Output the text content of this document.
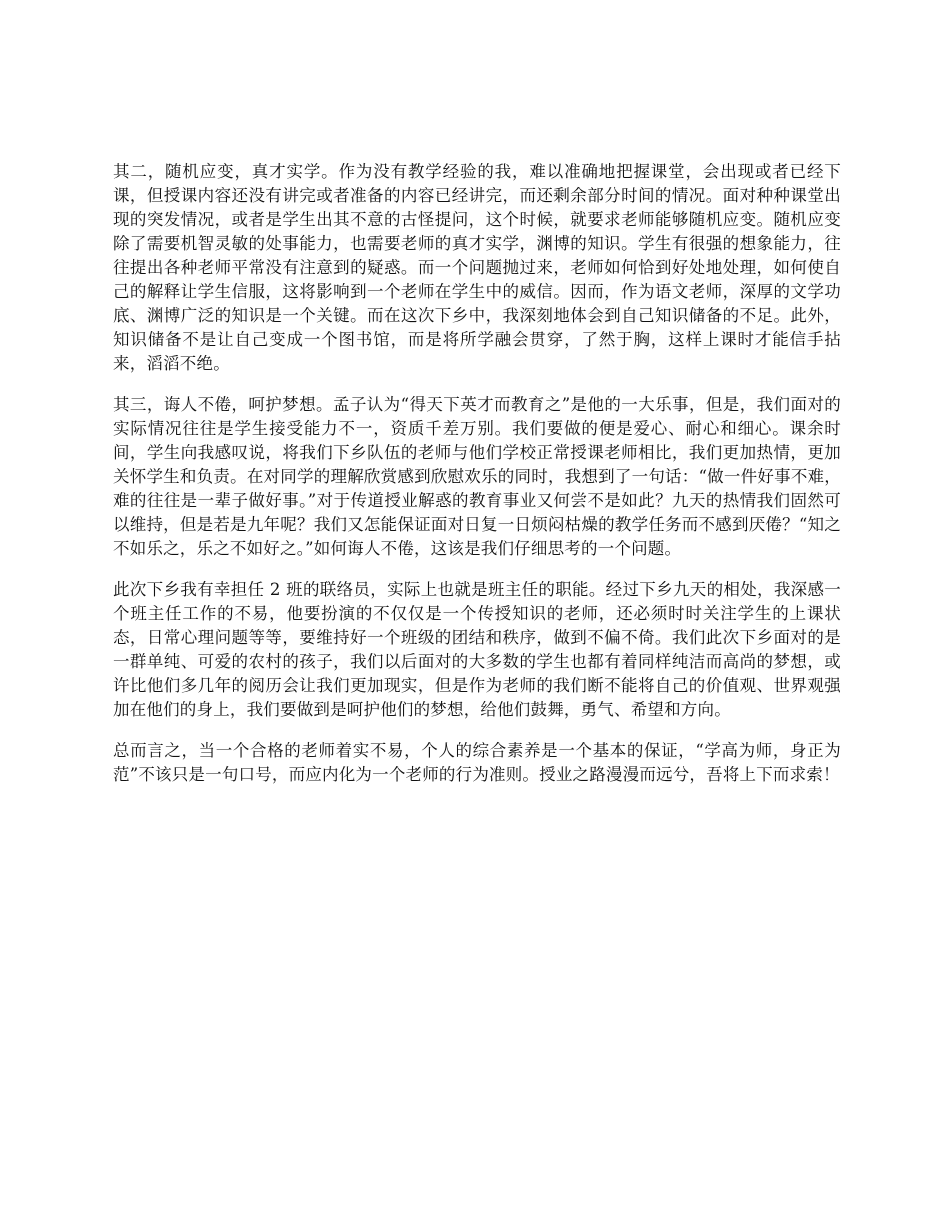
其二，随机应变，真才实学。作为没有教学经验的我，难以准确地把握课堂，会出现或者已经下课，但授课内容还没有讲完或者准备的内容已经讲完，而还剩余部分时间的情况。面对种种课堂出现的突发情况，或者是学生出其不意的古怪提问，这个时候，就要求老师能够随机应变。随机应变除了需要机智灵敏的处事能力，也需要老师的真才实学，渊博的知识。学生有很强的想象能力，往往提出各种老师平常没有注意到的疑惑。而一个问题抛过来，老师如何恰到好处地处理，如何使自己的解释让学生信服，这将影响到一个老师在学生中的威信。因而，作为语文老师，深厚的文学功底、渊博广泛的知识是一个关键。而在这次下乡中，我深刻地体会到自己知识储备的不足。此外，知识储备不是让自己变成一个图书馆，而是将所学融会贯穿，了然于胸，这样上课时才能信手拈来，滔滔不绝。

其三，诲人不倦，呵护梦想。孟子认为“得天下英才而教育之”是他的一大乐事，但是，我们面对的实际情况往往是学生接受能力不一，资质千差万别。我们要做的便是爱心、耐心和细心。课余时间，学生向我感叹说，将我们下乡队伍的老师与他们学校正常授课老师相比，我们更加热情，更加关怀学生和负责。在对同学的理解欣赏感到欣慰欢乐的同时，我想到了一句话：“做一件好事不难，难的往往是一辈子做好事。”对于传道授业解惑的教育事业又何尝不是如此？九天的热情我们固然可以维持，但是若是九年呢？我们又怎能保证面对日复一日烦闷枯燥的教学任务而不感到厌倦？“知之不如乐之，乐之不如好之。”如何诲人不倦，这该是我们仔细思考的一个问题。

此次下乡我有幸担任 2 班的联络员，实际上也就是班主任的职能。经过下乡九天的相处，我深感一个班主任工作的不易，他要扮演的不仅仅是一个传授知识的老师，还必须时时关注学生的上课状态，日常心理问题等等，要维持好一个班级的团结和秩序，做到不偏不倚。我们此次下乡面对的是一群单纯、可爱的农村的孩子，我们以后面对的大多数的学生也都有着同样纯洁而高尚的梦想，或许比他们多几年的阅历会让我们更加现实，但是作为老师的我们断不能将自己的价值观、世界观强加在他们的身上，我们要做到是呵护他们的梦想，给他们鼓舞，勇气、希望和方向。

总而言之，当一个合格的老师着实不易，个人的综合素养是一个基本的保证，“学高为师，身正为范”不该只是一句口号，而应内化为一个老师的行为准则。授业之路漫漫而远兮，吾将上下而求索！
